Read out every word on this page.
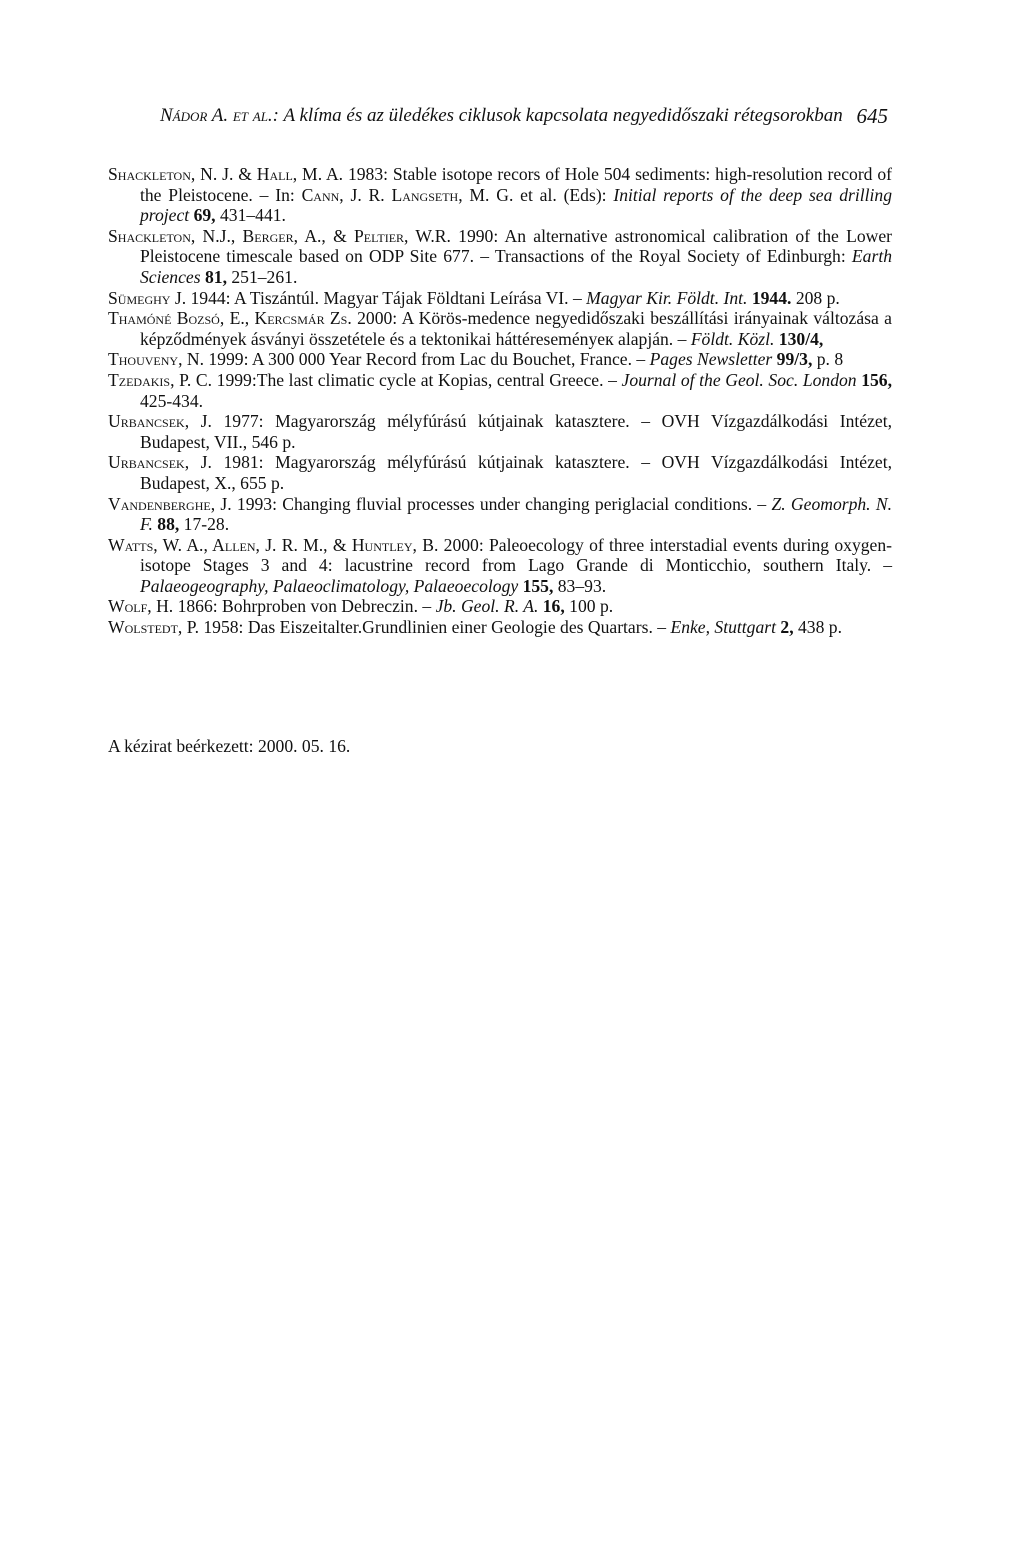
Nádor A. et al.: A klíma és az üledékes ciklusok kapcsolata negyedidőszaki rétegsorokban 645
Shackleton, N. J. & Hall, M. A. 1983: Stable isotope recors of Hole 504 sediments: high-resolution record of the Pleistocene. – In: Cann, J. R. Langseth, M. G. et al. (Eds): Initial reports of the deep sea drilling project 69, 431–441.
Shackleton, N.J., Berger, A., & Peltier, W.R. 1990: An alternative astronomical calibration of the Lower Pleistocene timescale based on ODP Site 677. – Transactions of the Royal Society of Edinburgh: Earth Sciences 81, 251–261.
Sümeghy J. 1944: A Tiszántúl. Magyar Tájak Földtani Leírása VI. – Magyar Kir. Földt. Int. 1944. 208 p.
Thamóné Bozsó, E., Kercsmár Zs. 2000: A Körös-medence negyedidőszaki beszállítási irányainak változása a képződmények ásványi összetétele és a tektonikai háttéreseményeк alapján. – Földt. Közl. 130/4,
Thouveny, N. 1999: A 300 000 Year Record from Lac du Bouchet, France. – Pages Newsletter 99/3, p. 8
Tzedakis, P. C. 1999:The last climatic cycle at Kopias, central Greece. – Journal of the Geol. Soc. London 156, 425-434.
Urbancsek, J. 1977: Magyarország mélyfúrású kútjainak katasztere. – OVH Vízgazdálkodási Intézet, Budapest, VII., 546 p.
Urbancsek, J. 1981: Magyarország mélyfúrású kútjainak katasztere. – OVH Vízgazdálkodási Intézet, Budapest, X., 655 p.
Vandenberghe, J. 1993: Changing fluvial processes under changing periglacial conditions. – Z. Geomorph. N. F. 88, 17-28.
Watts, W. A., Allen, J. R. M., & Huntley, B. 2000: Paleoecology of three interstadial events during oxygen-isotope Stages 3 and 4: lacustrine record from Lago Grande di Monticchio, southern Italy. – Palaeogeography, Palaeoclimatology, Palaeoecology 155, 83–93.
Wolf, H. 1866: Bohrproben von Debreczin. – Jb. Geol. R. A. 16, 100 p.
Wolstedt, P. 1958: Das Eiszeitalter.Grundlinien einer Geologie des Quartars. – Enke, Stuttgart 2, 438 p.
A kézirat beérkezett: 2000. 05. 16.
